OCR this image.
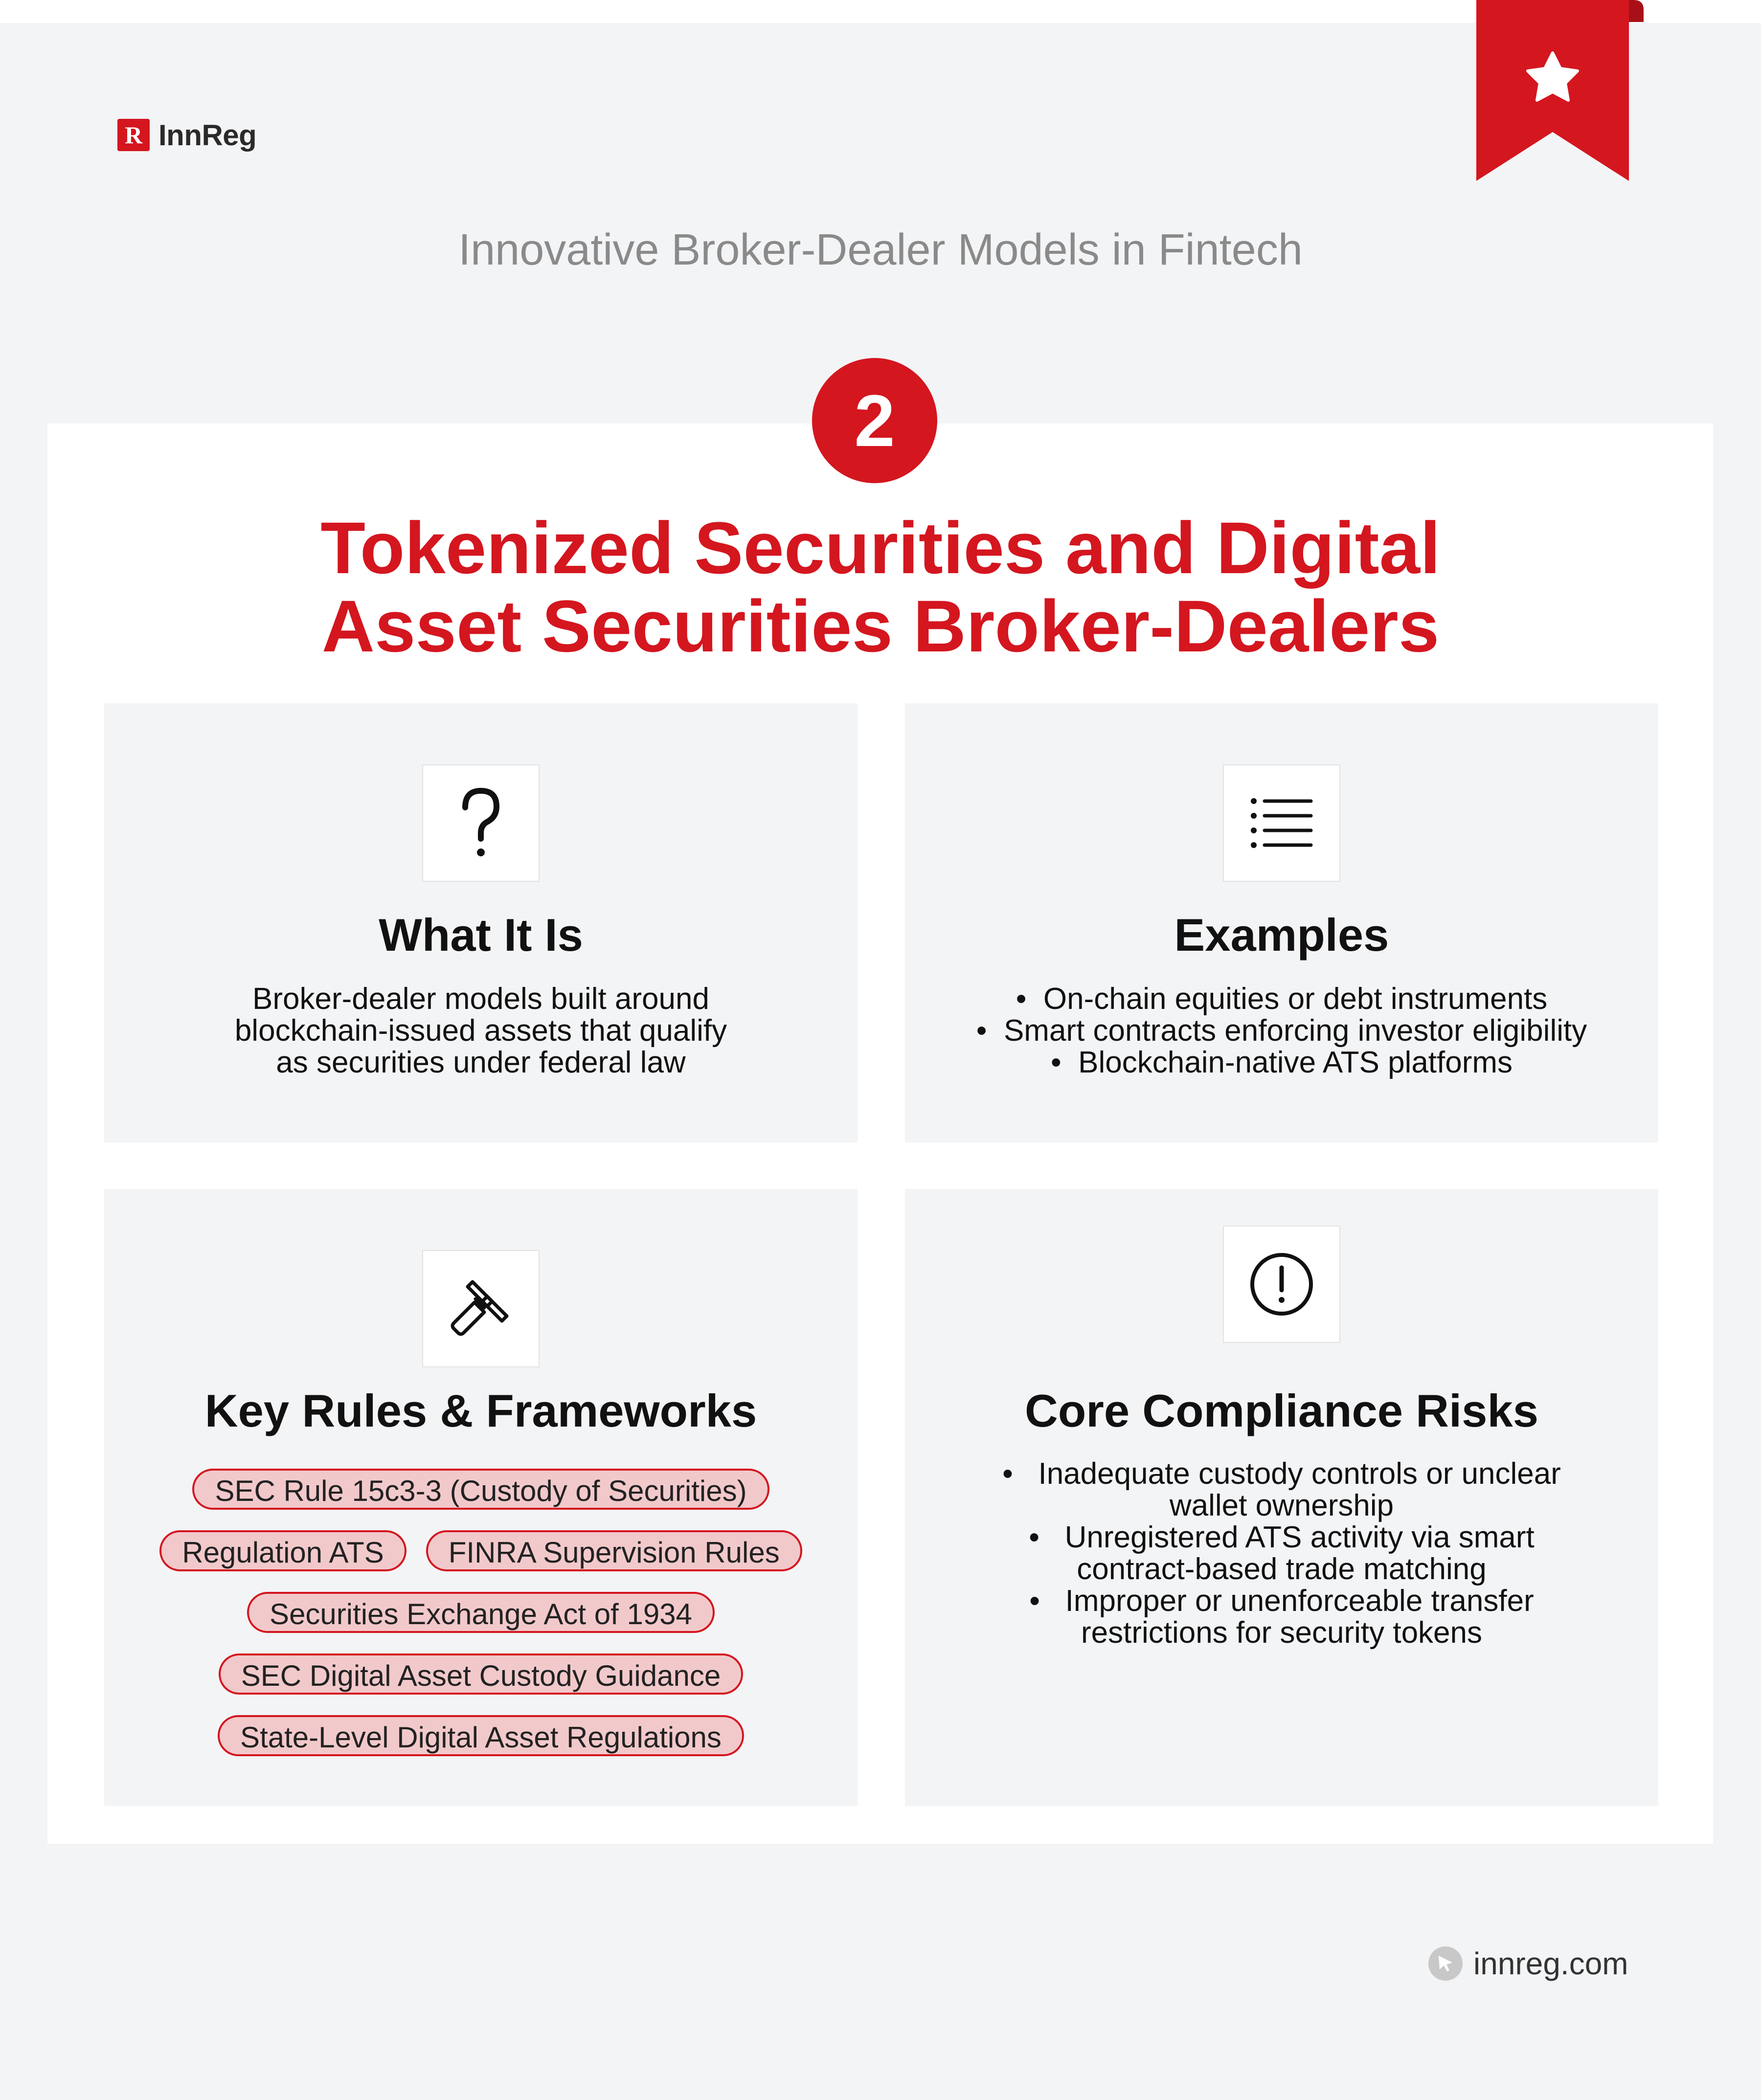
R InnReg
Innovative Broker-Dealer Models in Fintech
2
Tokenized Securities and Digital
Asset Securities Broker-Dealers
What It Is
Broker-dealer models built around
blockchain-issued assets that qualify
as securities under federal law
Examples
•  On-chain equities or debt instruments
•  Smart contracts enforcing investor eligibility
•  Blockchain-native ATS platforms
Key Rules & Frameworks
SEC Rule 15c3-3 (Custody of Securities)
Regulation ATS	FINRA Supervision Rules
Securities Exchange Act of 1934
SEC Digital Asset Custody Guidance
State-Level Digital Asset Regulations
Core Compliance Risks
•  Inadequate custody controls or unclear
wallet ownership
•  Unregistered ATS activity via smart
contract-based trade matching
•  Improper or unenforceable transfer
restrictions for security tokens
innreg.com
